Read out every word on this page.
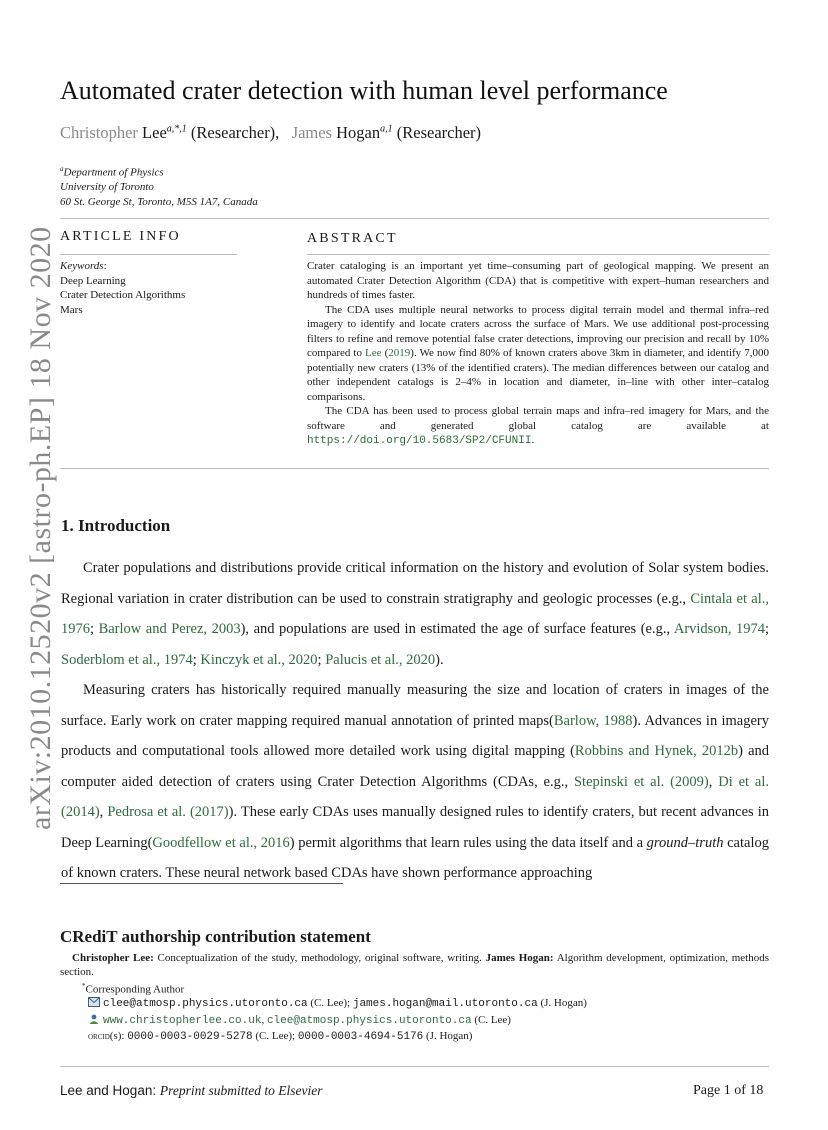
arXiv:2010.12520v2 [astro-ph.EP] 18 Nov 2020
Automated crater detection with human level performance
Christopher Lee$^{a,*,1}$ (Researcher), James Hogan$^{a,1}$ (Researcher)
$^a$Department of Physics
University of Toronto
60 St. George St, Toronto, M5S 1A7, Canada
ARTICLE INFO	ABSTRACT
Keywords:
Deep Learning
Crater Detection Algorithms
Mars

Crater cataloging is an important yet time–consuming part of geological mapping. We present an automated Crater Detection Algorithm (CDA) that is competitive with expert–human researchers and hundreds of times faster.

The CDA uses multiple neural networks to process digital terrain model and thermal infra–red imagery to identify and locate craters across the surface of Mars. We use additional post-processing filters to refine and remove potential false crater detections, improving our precision and recall by 10% compared to Lee (2019). We now find 80% of known craters above 3km in diameter, and identify 7,000 potentially new craters (13% of the identified craters). The median differences between our catalog and other independent catalogs is 2–4% in location and diameter, in–line with other inter–catalog comparisons.

The CDA has been used to process global terrain maps and infra–red imagery for Mars, and the software and generated global catalog are available at https://doi.org/10.5683/SP2/CFUNII.

1. Introduction

Crater populations and distributions provide critical information on the history and evolution of Solar system bodies. Regional variation in crater distribution can be used to constrain stratigraphy and geologic processes (e.g., Cintala et al., 1976; Barlow and Perez, 2003), and populations are used in estimated the age of surface features (e.g., Arvidson, 1974; Soderblom et al., 1974; Kinczyk et al., 2020; Palucis et al., 2020).

Measuring craters has historically required manually measuring the size and location of craters in images of the surface. Early work on crater mapping required manual annotation of printed maps(Barlow, 1988). Advances in imagery products and computational tools allowed more detailed work using digital mapping (Robbins and Hynek, 2012b) and computer aided detection of craters using Crater Detection Algorithms (CDAs, e.g., Stepinski et al. (2009), Di et al. (2014), Pedrosa et al. (2017)). These early CDAs uses manually designed rules to identify craters, but recent advances in Deep Learning(Goodfellow et al., 2016) permit algorithms that learn rules using the data itself and a ground–truth catalog of known craters. These neural network based CDAs have shown performance approaching

CRediT authorship contribution statement
Christopher Lee: Conceptualization of the study, methodology, original software, writing. James Hogan: Algorithm development, optimization, methods section.
*Corresponding Author
clee@atmosp.physics.utoronto.ca (C. Lee); james.hogan@mail.utoronto.ca (J. Hogan)
www.christopherlee.co.uk, clee@atmosp.physics.utoronto.ca (C. Lee)
orcid(s): 0000-0003-0029-5278 (C. Lee); 0000-0003-4694-5176 (J. Hogan)
Lee and Hogan: Preprint submitted to Elsevier	Page 1 of 18
